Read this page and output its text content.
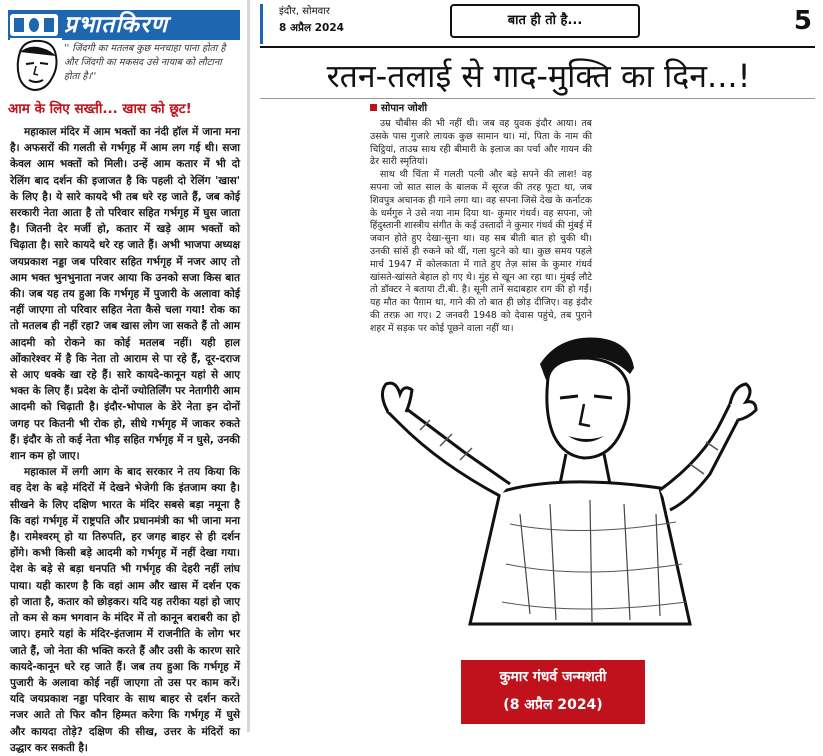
प्रभातकिरण
'' जिंदगी का मतलब कुछ मनचाहा पाना होता है और जिंदगी का मकसद उसे नायाब को लौटाना होता है।''
आम के लिए सख्ती... खास को छूट!

महाकाल मंदिर में आम भक्तों का नंदी हॉल में जाना मना है। अफसरों की गलती से गर्भगृह में आम लग गई थी। सजा केवल आम भक्तों को मिली। उन्हें आम कतार में भी दो रेलिंग बाद दर्शन की इजाजत है कि पहली दो रेलिंग 'खास' के लिए है। ये सारे कायदे भी तब धरे रह जाते हैं, जब कोई सरकारी नेता आता है तो परिवार सहित गर्भगृह में घुस जाता है। जितनी देर मर्जी हो, कतार में खड़े आम भक्तों को चिढ़ाता है। सारे कायदे धरे रह जाते हैं। अभी भाजपा अध्यक्ष जयप्रकाश नड्डा जब परिवार सहित गर्भगृह में नजर आए तो आम भक्त भुनभुनाता नजर आया कि उनको सजा किस बात की। जब यह तय हुआ कि गर्भगृह में पुजारी के अलावा कोई नहीं जाएगा तो परिवार सहित नेता कैसे चला गया! रोक का तो मतलब ही नहीं रहा? जब खास लोग जा सकते हैं तो आम आदमी को रोकने का कोई मतलब नहीं। यही हाल ओंकारेश्वर में है कि नेता तो आराम से पा रहे हैं, दूर-दराज से आए धक्के खा रहे हैं। सारे कायदे-कानून यहां से आए भक्त के लिए हैं। प्रदेश के दोनों ज्योतिर्लिंग पर नेतागीरी आम आदमी को चिढ़ाती है। इंदौर-भोपाल के डेरे नेता इन दोनों जगह पर कितनी भी रोक हो, सीधे गर्भगृह में जाकर रुकते हैं। इंदौर के तो कई नेता भीड़ सहित गर्भगृह में न घुसे, उनकी शान कम हो जाए।

महाकाल में लगी आग के बाद सरकार ने तय किया कि वह देश के बड़े मंदिरों में देखने भेजेगी कि इंतजाम क्या है। सीखने के लिए दक्षिण भारत के मंदिर सबसे बड़ा नमूना है कि वहां गर्भगृह में राष्ट्रपति और प्रधानमंत्री का भी जाना मना है। रामेश्वरम् हो या तिरुपति, हर जगह बाहर से ही दर्शन होंगे। कभी किसी बड़े आदमी को गर्भगृह में नहीं देखा गया। देश के बड़े से बड़ा धनपति भी गर्भगृह की देहरी नहीं लांघ पाया। यही कारण है कि वहां आम और खास में दर्शन एक हो जाता है, कतार को छोड़कर। यदि यह तरीका यहां हो जाए तो कम से कम भगवान के मंदिर में तो कानून बराबरी का हो जाए। हमारे यहां के मंदिर-इंतजाम में राजनीति के लोग भर जाते हैं, जो नेता की भक्ति करते हैं और उसी के कारण सारे कायदे-कानून धरे रह जाते हैं। जब तय हुआ कि गर्भगृह में पुजारी के अलावा कोई नहीं जाएगा तो उस पर काम करें। यदि जयप्रकाश नड्डा परिवार के साथ बाहर से दर्शन करते नजर आते तो फिर कौन हिम्मत करेगा कि गर्भगृह में घुसे और कायदा तोड़े? दक्षिण की सीख, उत्तर के मंदिरों का उद्धार कर सकती है।

इंदौर, सोमवार
8 अप्रैल 2024	बात ही तो है...	5
रतन-तलाई से गाद-मुक्ति का दिन...!
सोपान जोशी

उम्र चौबीस की भी नहीं थी। जब वह युवक इंदौर आया। तब उसके पास गुजारे लायक कुछ सामान था। मां, पिता के नाम की चिट्ठियां, ताउम्र साथ रही बीमारी के इलाज का पर्चा और गायन की ढेर सारी स्मृतियां।

साथ थी चिंता में गलती पत्नी और बड़े सपने की लाश! वह सपना जो सात साल के बालक में सूरज की तरह फूटा था, जब शिवपुत्र अचानक ही गाने लगा था। वह सपना जिसे देख के कर्नाटक के धर्मगुरु ने उसे नया नाम दिया था- कुमार गंधर्व। वह सपना, जो हिंदुस्तानी शास्त्रीय संगीत के कई उस्तादों ने कुमार गंधर्व की मुंबई में जवान होते हुए देखा-सुना था। वह सब बीती बात हो चुकी थी। उनकी सांसें ही रुकने को थीं, गला घुटने को था। कुछ समय पहले मार्च 1947 में कोलकाता में गाते हुए तेज़ सांस के कुमार गंधर्व खांसते-खांसते बेहाल हो गए थे। मुंह से खून आ रहा था। मुंबई लौटे तो डॉक्टर ने बताया टी.बी. है। सूनी तानें सदाबहार राग की हो गईं। यह मौत का पैग़ाम था, गाने की तो बात ही छोड़ दीजिए। वह इंदौर की तरफ़ आ गए। 2 जनवरी 1948 को देवास पहुंचे, तब पुराने शहर में सड़क पर कोई पूछने वाला नहीं था।

कुमार गंधर्व जन्मशती
(8 अप्रैल 2024)
